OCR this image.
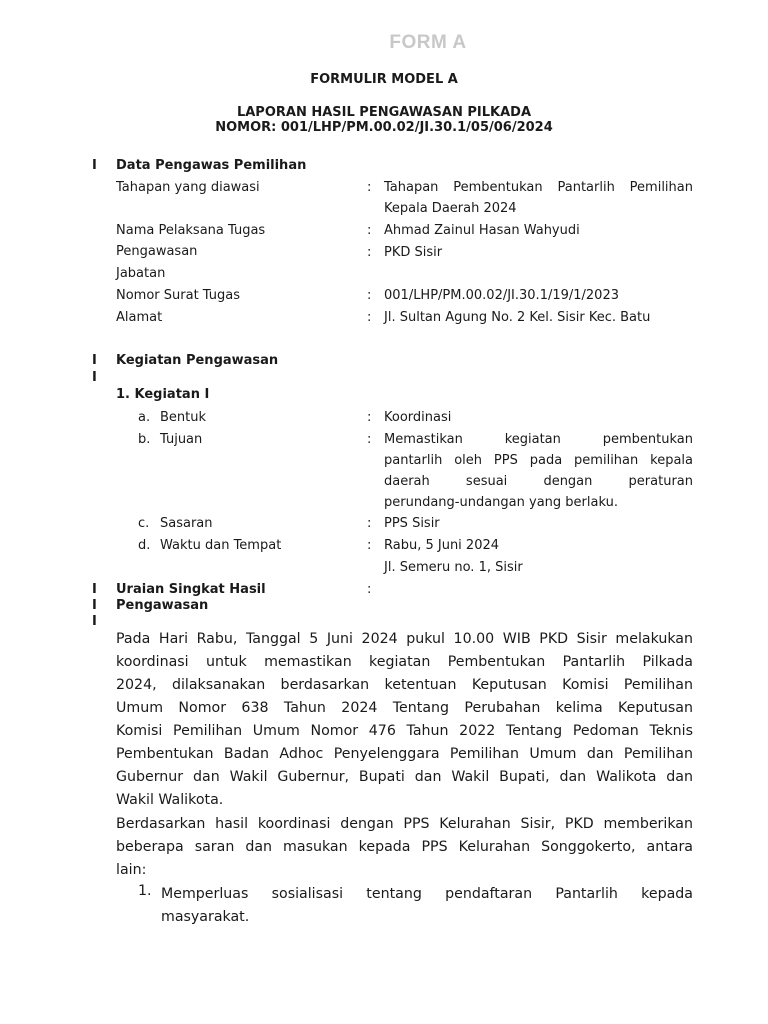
FORM A
FORMULIR MODEL A
LAPORAN HASIL PENGAWASAN PILKADA
NOMOR: 001/LHP/PM.00.02/JI.30.1/05/06/2024
I Data Pengawas Pemilihan
Tahapan yang diawasi	: Tahapan Pembentukan Pantarlih Pemilihan
Kepala Daerah 2024
Nama Pelaksana Tugas	: Ahmad Zainul Hasan Wahyudi
Pengawasan	: PKD Sisir
Jabatan
Nomor Surat Tugas	: 001/LHP/PM.00.02/JI.30.1/19/1/2023
Alamat	: Jl. Sultan Agung No. 2 Kel. Sisir Kec. Batu
I
I
Kegiatan Pengawasan
1. Kegiatan I
a. Bentuk	: Koordinasi
b. Tujuan	: Memastikan kegiatan pembentukan
pantarlih oleh PPS pada pemilihan kepala
daerah sesuai dengan peraturan
perundang-undangan yang berlaku.
c. Sasaran	: PPS Sisir
d. Waktu dan Tempat	: Rabu, 5 Juni 2024
Jl. Semeru no. 1, Sisir
I
I
I
Uraian Singkat Hasil
Pengawasan
:
Pada Hari Rabu, Tanggal 5 Juni 2024 pukul 10.00 WIB PKD Sisir melakukan
koordinasi untuk memastikan kegiatan Pembentukan Pantarlih Pilkada
2024, dilaksanakan berdasarkan ketentuan Keputusan Komisi Pemilihan
Umum Nomor 638 Tahun 2024 Tentang Perubahan kelima Keputusan
Komisi Pemilihan Umum Nomor 476 Tahun 2022 Tentang Pedoman Teknis
Pembentukan Badan Adhoc Penyelenggara Pemilihan Umum dan Pemilihan
Gubernur dan Wakil Gubernur, Bupati dan Wakil Bupati, dan Walikota dan
Wakil Walikota.
Berdasarkan hasil koordinasi dengan PPS Kelurahan Sisir, PKD memberikan
beberapa saran dan masukan kepada PPS Kelurahan Songgokerto, antara
lain:
1. Memperluas sosialisasi tentang pendaftaran Pantarlih kepada
masyarakat.
